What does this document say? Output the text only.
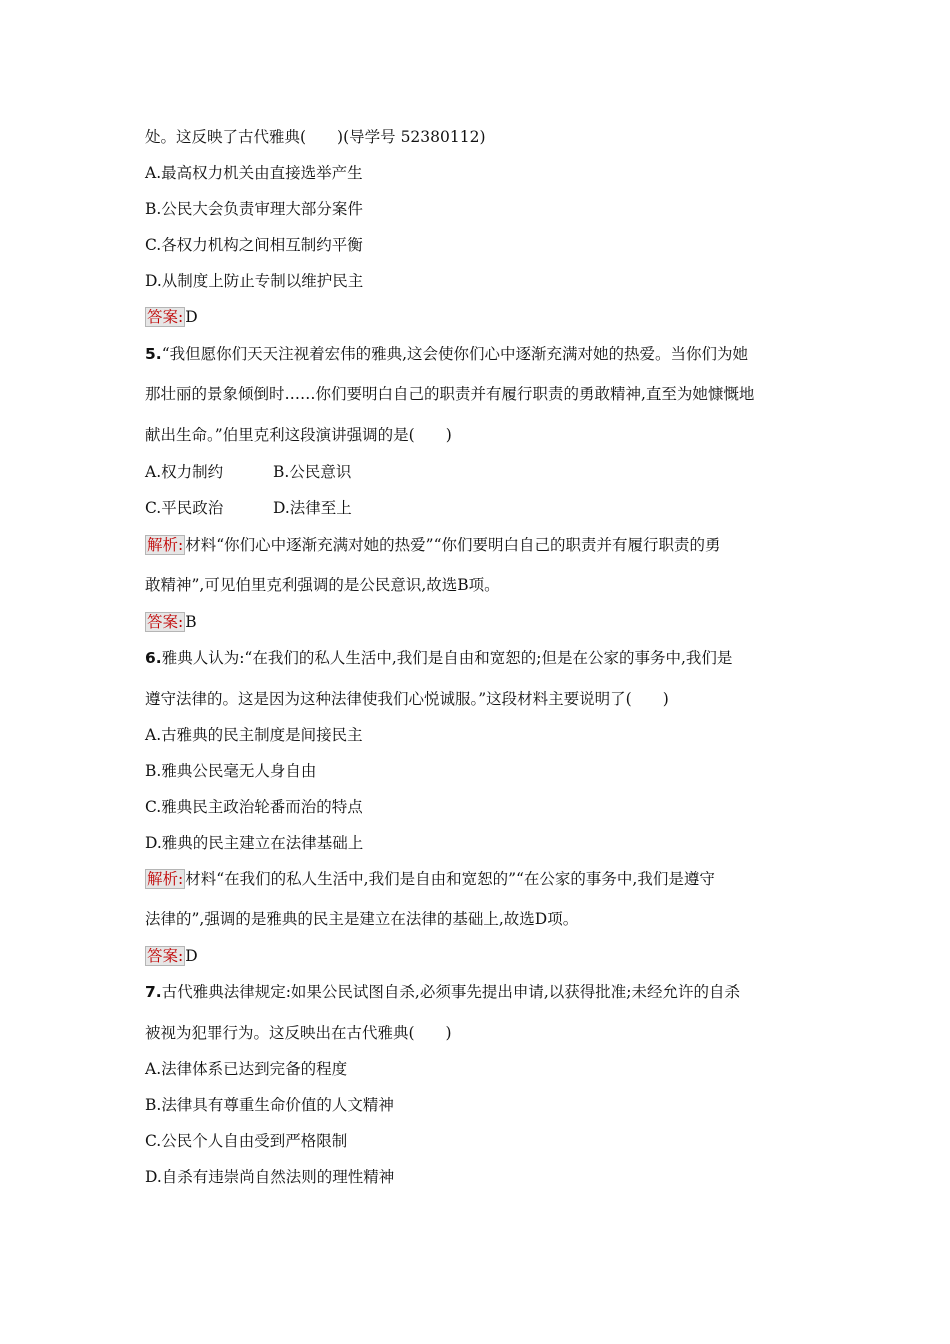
处。这反映了古代雅典(　　)(导学号 52380112)
A.最高权力机关由直接选举产生
B.公民大会负责审理大部分案件
C.各权力机构之间相互制约平衡
D.从制度上防止专制以维护民主
答案: D
5.“我但愿你们天天注视着宏伟的雅典,这会使你们心中逐渐充满对她的热爱。当你们为她
那壮丽的景象倾倒时……你们要明白自己的职责并有履行职责的勇敢精神,直至为她慷慨地
献出生命。”伯里克利这段演讲强调的是(　　)
A.权力制约	B.公民意识
C.平民政治	D.法律至上
解析: 材料“你们心中逐渐充满对她的热爱”“你们要明白自己的职责并有履行职责的勇
敢精神”,可见伯里克利强调的是公民意识,故选B项。
答案: B
6.雅典人认为:“在我们的私人生活中,我们是自由和宽恕的;但是在公家的事务中,我们是
遵守法律的。这是因为这种法律使我们心悦诚服。”这段材料主要说明了(　　)
A.古雅典的民主制度是间接民主
B.雅典公民毫无人身自由
C.雅典民主政治轮番而治的特点
D.雅典的民主建立在法律基础上
解析: 材料“在我们的私人生活中,我们是自由和宽恕的”“在公家的事务中,我们是遵守
法律的”,强调的是雅典的民主是建立在法律的基础上,故选D项。
答案: D
7.古代雅典法律规定:如果公民试图自杀,必须事先提出申请,以获得批准;未经允许的自杀
被视为犯罪行为。这反映出在古代雅典(　　)
A.法律体系已达到完备的程度
B.法律具有尊重生命价值的人文精神
C.公民个人自由受到严格限制
D.自杀有违崇尚自然法则的理性精神
